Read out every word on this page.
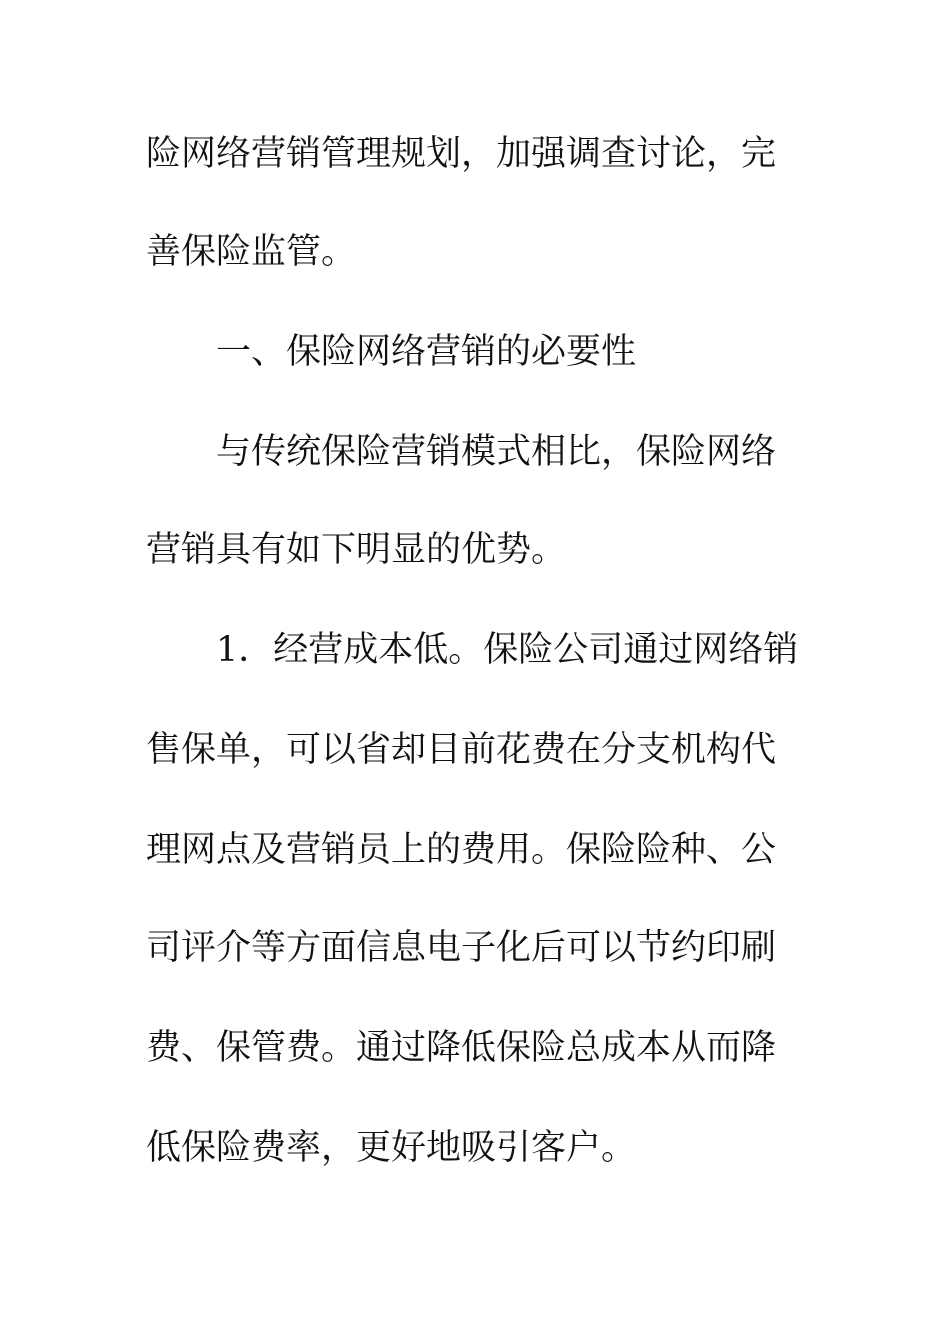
险网络营销管理规划，加强调查讨论，完
善保险监管。
一、保险网络营销的必要性
与传统保险营销模式相比，保险网络
营销具有如下明显的优势。
1．经营成本低。保险公司通过网络销
售保单，可以省却目前花费在分支机构代
理网点及营销员上的费用。保险险种、公
司评介等方面信息电子化后可以节约印刷
费、保管费。通过降低保险总成本从而降
低保险费率，更好地吸引客户。
